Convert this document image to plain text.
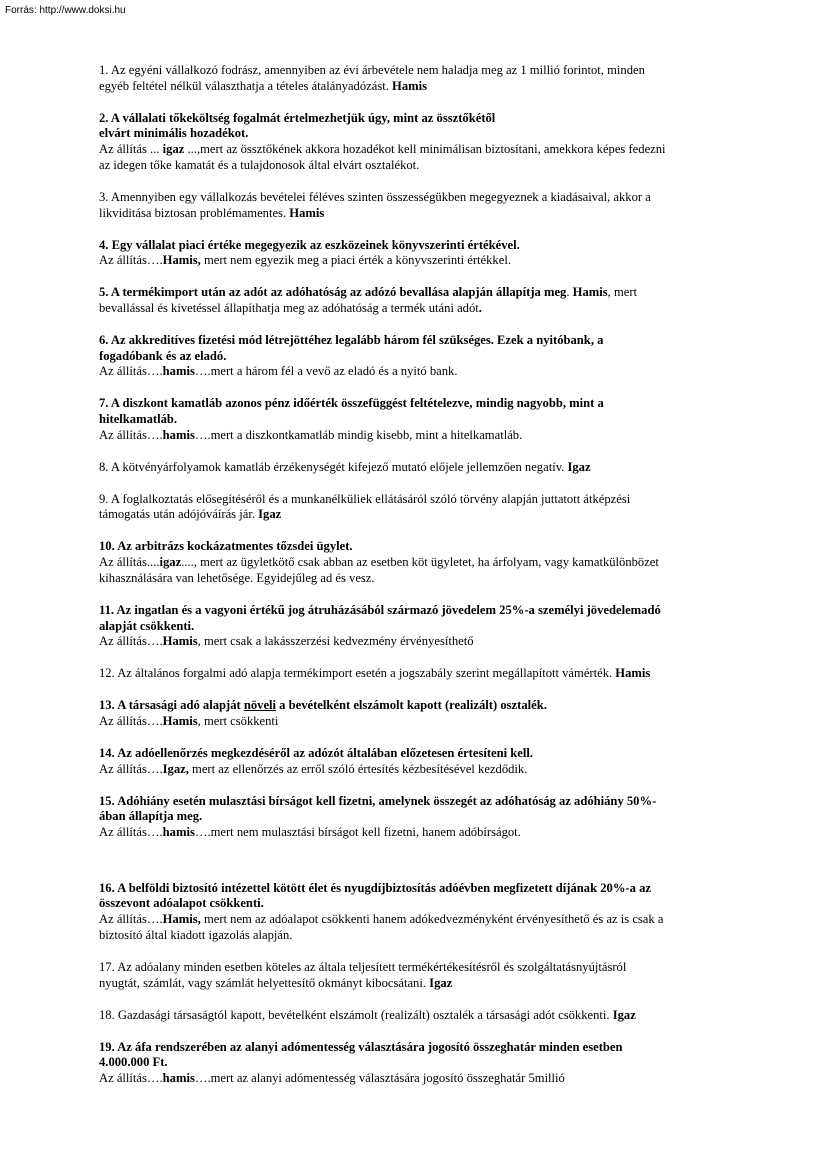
Forrás: http://www.doksi.hu

1. Az egyéni vállalkozó fodrász, amennyiben az évi árbevétele nem haladja meg az 1 millió forintot, minden

egyéb feltétel nélkül választhatja a tételes átalányadózást. Hamis

2. A vállalati tőkeköltség fogalmát értelmezhetjük úgy, mint az össztőkétől

elvárt minimális hozadékot.

Az állítás ... igaz ...,mert az össztőkének akkora hozadékot kell minimálisan biztosítani, amekkora képes fedezni

az idegen tőke kamatát és a tulajdonosok által elvárt osztalékot.

3. Amennyiben egy vállalkozás bevételei féléves szinten összességükben megegyeznek a kiadásaival, akkor a

likviditása biztosan problémamentes. Hamis

4. Egy vállalat piaci értéke megegyezik az eszközeinek könyvszerinti értékével.

Az állítás….Hamis, mert nem egyezik meg a piaci érték a könyvszerinti értékkel.

5. A termékimport után az adót az adóhatóság az adózó bevallása alapján állapítja meg. Hamis, mert

bevallással és kivetéssel állapíthatja meg az adóhatóság a termék utáni adót.

6. Az akkreditíves fizetési mód létrejöttéhez legalább három fél szükséges. Ezek a nyitóbank, a

fogadóbank és az eladó.

Az állítás….hamis….mert a három fél a vevő az eladó és a nyitó bank.

7. A diszkont kamatláb azonos pénz időérték összefüggést feltételezve, mindig nagyobb, mint a

hitelkamatláb.

Az állítás….hamis….mert a diszkontkamatláb mindig kisebb, mint a hitelkamatláb.

8. A kötvényárfolyamok kamatláb érzékenységét kifejező mutató előjele jellemzően negatív. Igaz

9. A foglalkoztatás elősegítéséről és a munkanélküliek ellátásáról szóló törvény alapján juttatott átképzési

támogatás után adójóváírás jár. Igaz

10. Az arbitrázs kockázatmentes tőzsdei ügylet.

Az állítás....igaz...., mert az ügyletkötő csak abban az esetben köt ügyletet, ha árfolyam, vagy kamatkülönbözet

kihasználására van lehetősége. Egyidejűleg ad és vesz.

11. Az ingatlan és a vagyoni értékű jog átruházásából származó jövedelem 25%-a személyi jövedelemadó

alapját csökkenti.

Az állítás….Hamis, mert csak a lakásszerzési kedvezmény érvényesíthető

12. Az általános forgalmi adó alapja termékimport esetén a jogszabály szerint megállapított vámérték. Hamis

13. A társasági adó alapját növeli a bevételként elszámolt kapott (realizált) osztalék.

Az állítás….Hamis, mert csökkenti

14. Az adóellenőrzés megkezdéséről az adózót általában előzetesen értesíteni kell.

Az állítás….Igaz, mert az ellenőrzés az erről szóló értesítés kézbesítésével kezdődik.

15. Adóhiány esetén mulasztási bírságot kell fizetni, amelynek összegét az adóhatóság az adóhiány 50%-

ában állapítja meg.

Az állítás….hamis….mert nem mulasztási bírságot kell fizetni, hanem adóbírságot.

16. A belföldi biztosító intézettel kötött élet és nyugdíjbiztosítás adóévben megfizetett díjának 20%-a az

összevont adóalapot csökkenti.

Az állítás….Hamis, mert nem az adóalapot csökkenti hanem adókedvezményként érvényesíthető és az is csak a

biztosító által kiadott igazolás alapján.

17. Az adóalany minden esetben köteles az általa teljesített termékértékesítésről és szolgáltatásnyújtásról

nyugtát, számlát, vagy számlát helyettesítő okmányt kibocsátani. Igaz

18. Gazdasági társaságtól kapott, bevételként elszámolt (realizált) osztalék a társasági adót csökkenti. Igaz

19. Az áfa rendszerében az alanyi adómentesség választására jogosító összeghatár minden esetben

4.000.000 Ft.

Az állítás….hamis….mert az alanyi adómentesség választására jogosító összeghatár 5millió
